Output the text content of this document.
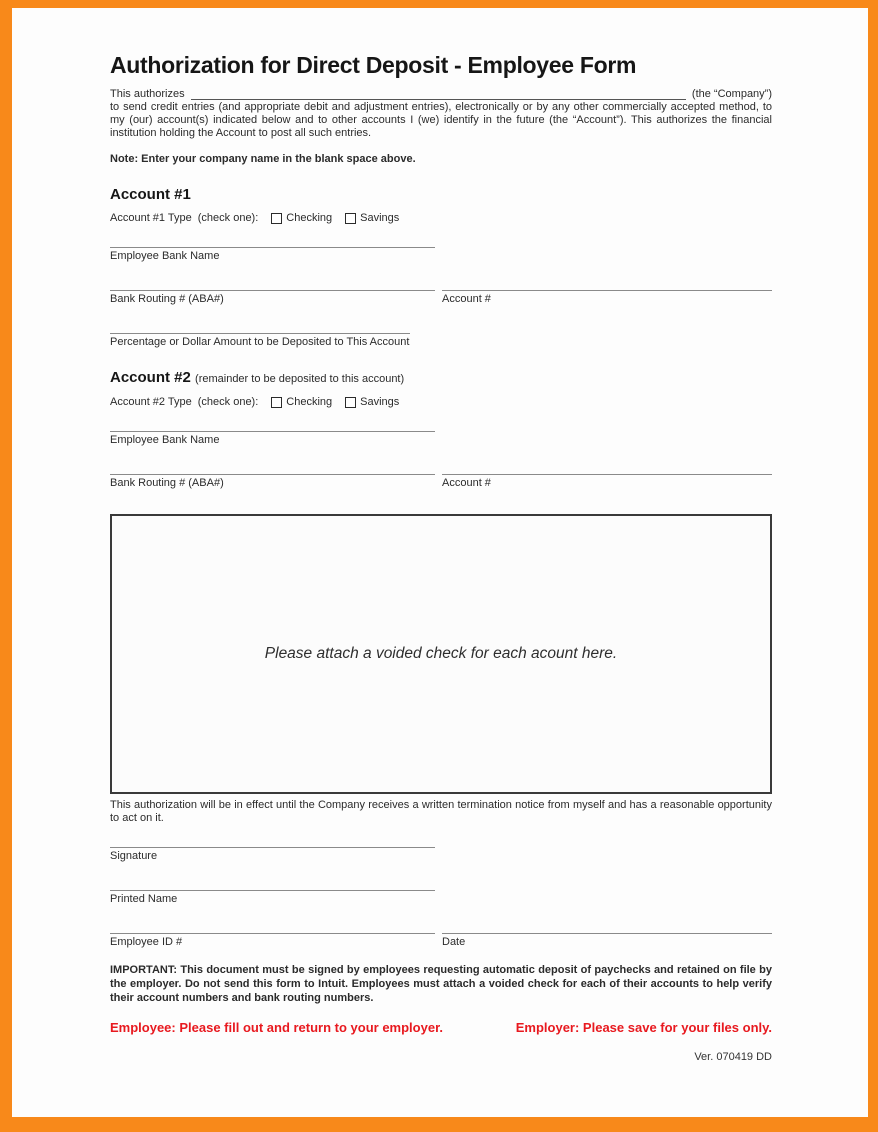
Authorization for Direct Deposit - Employee Form
This authorizes	(the “Company”)

to send credit entries (and appropriate debit and adjustment entries), electronically or by any other commercially accepted method, to my (our) account(s) indicated below and to other accounts I (we) identify in the future (the “Account”). This authorizes the financial institution holding the Account to post all such entries.

Note: Enter your company name in the blank space above.

Account #1
Account #1 Type (check one):	Checking	Savings
Employee Bank Name
Bank Routing # (ABA#)	Account #
Percentage or Dollar Amount to be Deposited to This Account
Account #2 (remainder to be deposited to this account)
Account #2 Type (check one):	Checking	Savings
Employee Bank Name
Bank Routing # (ABA#)	Account #
Please attach a voided check for each acount here.

This authorization will be in effect until the Company receives a written termination notice from myself and has a reasonable opportunity to act on it.

Signature
Printed Name
Employee ID #	Date

IMPORTANT: This document must be signed by employees requesting automatic deposit of paychecks and retained on file by the employer. Do not send this form to Intuit. Employees must attach a voided check for each of their accounts to help verify their account numbers and bank routing numbers.

Employee: Please fill out and return to your employer.	Employer: Please save for your files only.
Ver. 070419 DD
